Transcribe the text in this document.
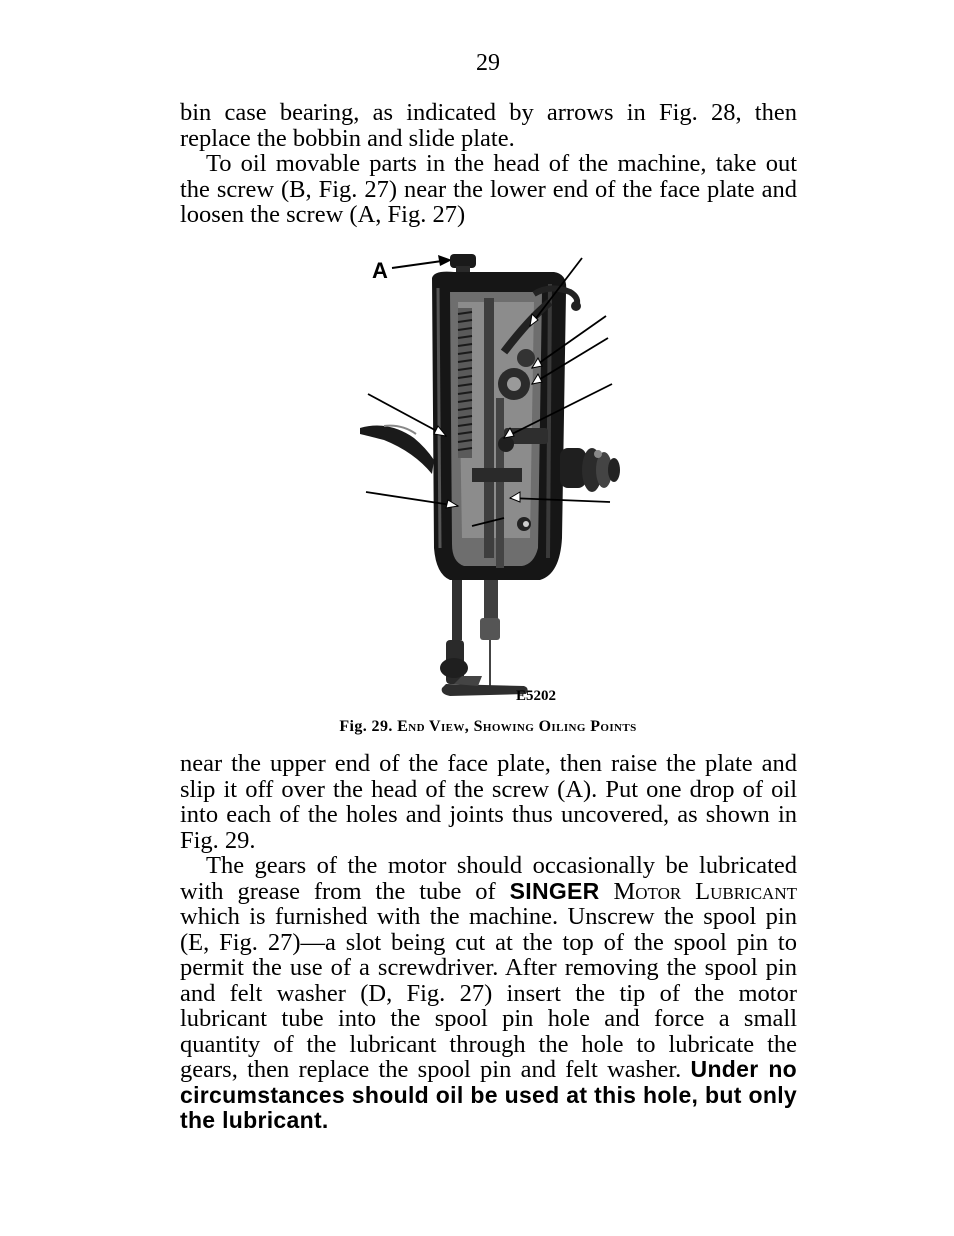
29

bin case bearing, as indicated by arrows in Fig. 28, then replace the bobbin and slide plate.

To oil movable parts in the head of the machine, take out the screw (B, Fig. 27) near the lower end of the face plate and loosen the screw (A, Fig. 27)

A
E5202
Fig. 29. End View, Showing Oiling Points

near the upper end of the face plate, then raise the plate and slip it off over the head of the screw (A). Put one drop of oil into each of the holes and joints thus uncovered, as shown in Fig. 29.

The gears of the motor should occasionally be lubricated with grease from the tube of SINGER Motor Lubricant which is furnished with the machine. Unscrew the spool pin (E, Fig. 27)—a slot being cut at the top of the spool pin to permit the use of a screwdriver. After removing the spool pin and felt washer (D, Fig. 27) insert the tip of the motor lubricant tube into the spool pin hole and force a small quantity of the lubricant through the hole to lubricate the gears, then replace the spool pin and felt washer. Under no circumstances should oil be used at this hole, but only the lubricant.
